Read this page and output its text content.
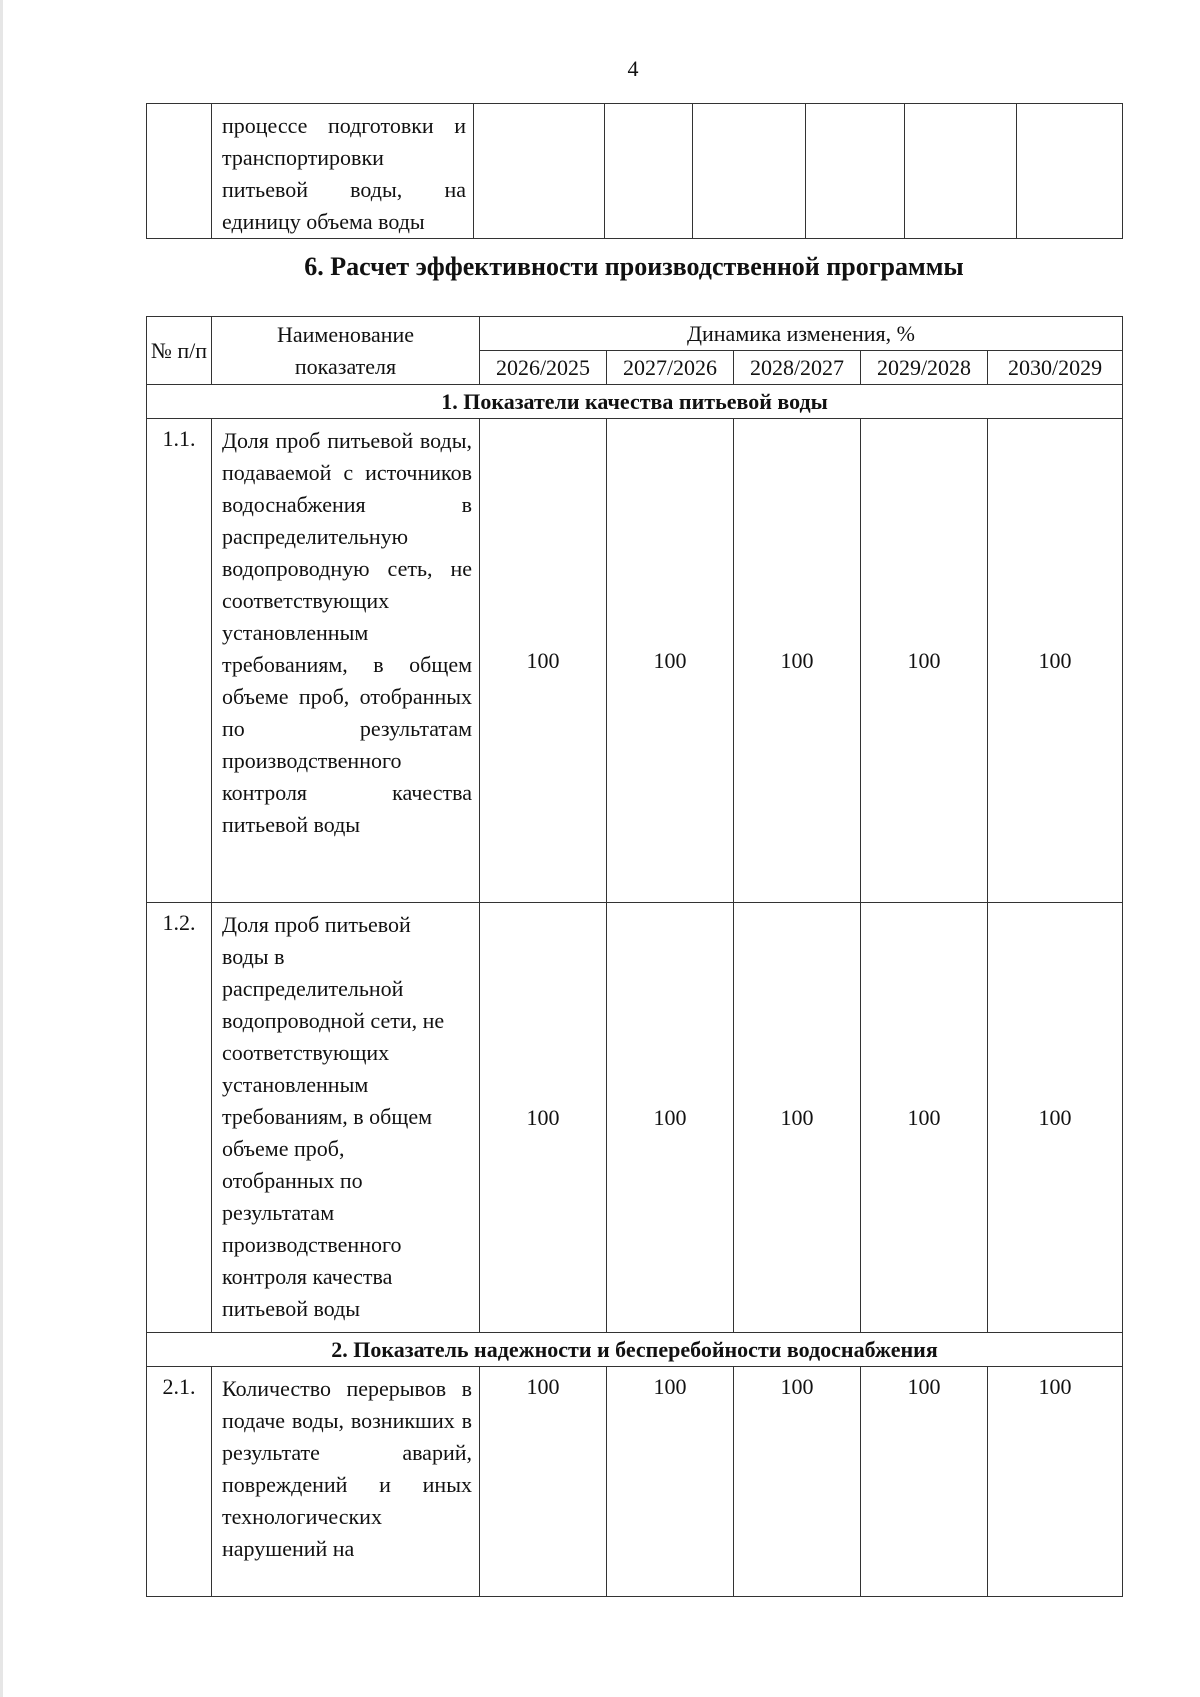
4
	процессе подготовки и транспортировки питьевой воды, на единицу объема воды						
6. Расчет эффективности производственной программы
№ п/п	Наименование показателя	Динамика изменения, %				
		2026/2025	2027/2026	2028/2027	2029/2028	2030/2029
1. Показатели качества питьевой воды						
1.1.	Доля проб питьевой воды, подаваемой с источников водоснабжения в распределительную водопроводную сеть, не соответствующих установленным требованиям, в общем объеме проб, отобранных по результатам производственного контроля качества питьевой воды	100	100	100	100	100
1.2.	Доля проб питьевой воды в распределительной водопроводной сети, не соответствующих установленным требованиям, в общем объеме проб, отобранных по результатам производственного контроля качества питьевой воды	100	100	100	100	100
2. Показатель надежности и бесперебойности водоснабжения						
2.1.	Количество перерывов в подаче воды, возникших в результате аварий, повреждений и иных технологических нарушений на	100	100	100	100	100
